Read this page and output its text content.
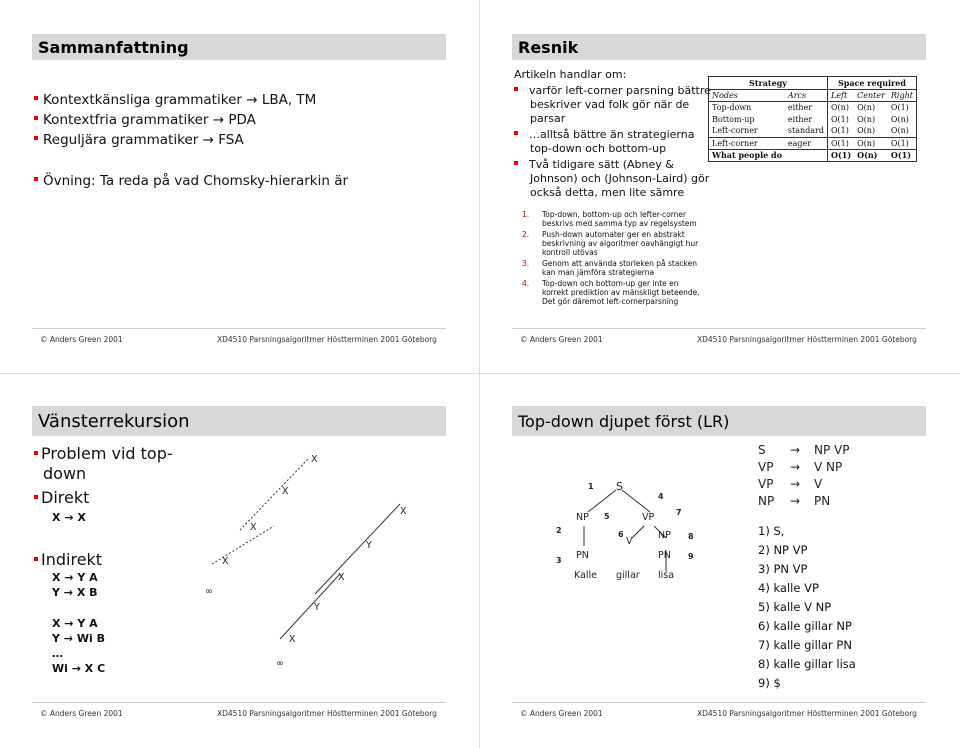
Sammanfattning
Kontextkänsliga grammatiker → LBA, TM
Kontextfria grammatiker → PDA
Reguljära grammatiker → FSA
Övning: Ta reda på vad Chomsky-hierarkin är
© Anders Green 2001	XD4510 Parsningsalgoritmer Höstterminen 2001 Göteborg
Resnik
Artikeln handlar om:
varför left-corner parsning bättre beskriver vad folk gör när de parsar
…alltså bättre än strategierna top-down och bottom-up
Två tidigare sätt (Abney & Johnson) och (Johnson-Laird) gör också detta, men lite sämre
Strategy		Space required		
Nodes	Arcs	Left	Center	Right
Top-down	either	O(n)	O(n)	O(1)
Bottom-up	either	O(1)	O(n)	O(n)
Left-corner	standard	O(1)	O(n)	O(n)
Left-corner	eager	O(1)	O(n)	O(1)
What people do		O(1)	O(n)	O(1)
1. Top-down, bottom-up och lefter-corner beskrivs med samma typ av regelsystem
2. Push-down automater ger en abstrakt beskrivning av algoritmer oavhängigt hur kontroll utövas
3. Genom att använda storleken på stacken kan man jämföra strategierna
4. Top-down och bottom-up ger inte en korrekt prediktion av mänskligt beteende. Det gör däremot left-cornerparsning
© Anders Green 2001	XD4510 Parsningsalgoritmer Höstterminen 2001 Göteborg
Vänsterrekursion
Problem vid top-down
Direkt
X → X
Indirekt
X → Y A
Y → X B
X → Y A
Y → Wi B
…
Wi → X C
X
X
X
X
∞
X
Y
X
Y
X
∞
© Anders Green 2001	XD4510 Parsningsalgoritmer Höstterminen 2001 Göteborg
Top-down djupet först (LR)
S
NP	VP
V
NP
PN	PN
Kalle gillar lisa
1
2
3
4
5
6
7
8
9
S → NP VP
VP → V NP
VP → V
NP → PN
1) S,
2) NP VP
3) PN VP
4) kalle VP
5) kalle V NP
6) kalle gillar NP
7) kalle gillar PN
8) kalle gillar lisa
9) $
© Anders Green 2001	XD4510 Parsningsalgoritmer Höstterminen 2001 Göteborg
